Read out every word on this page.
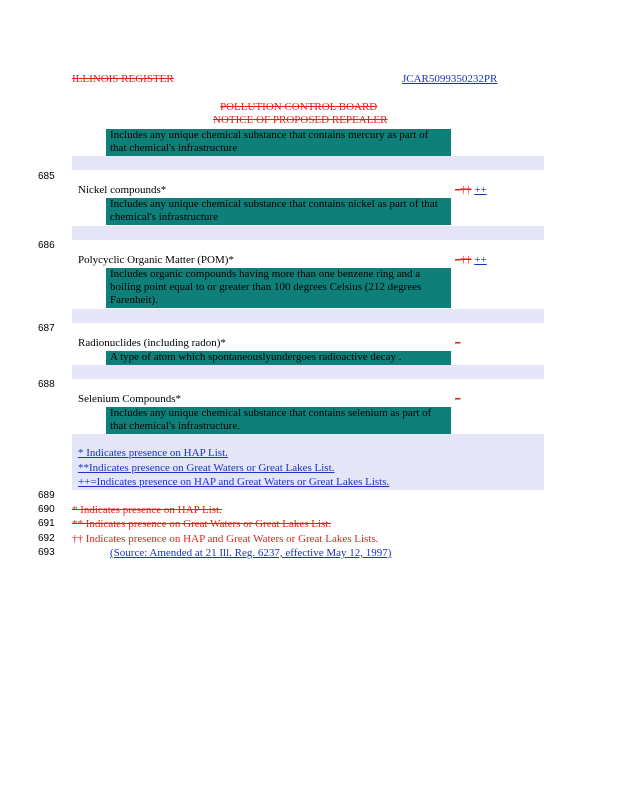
ILLINOIS REGISTER	JCAR5099350232PR
POLLUTION CONTROL BOARD
NOTICE OF PROPOSED REPEALER
Includes any unique chemical substance that contains mercury as part of that chemical's infrastructure
685
Nickel compounds*	–†† ++
Includes any unique chemical substance that contains nickel as part of that chemical's infrastructure
686
Polycyclic Organic Matter (POM)*	–†† ++
Includes organic compounds having more than one benzene ring and a boiling point equal to or greater than 100 degrees Celsius (212 degrees Farenheit).
687
Radionuclides (including radon)*	–
A type of atom which spontaneouslyundergoes radioactive decay .
688
Selenium Compounds*	–
Includes any unique chemical substance that contains selenium as part of that chemical's infrastructure.
* Indicates presence on HAP List.
**Indicates presence on Great Waters or Great Lakes List.
++=Indicates presence on HAP and Great Waters or Great Lakes Lists.
689
690 * Indicates presence on HAP List.
691 ** Indicates presence on Great Waters or Great Lakes List.
692 †† Indicates presence on HAP and Great Waters or Great Lakes Lists.
693	(Source: Amended at 21 Ill. Reg. 6237, effective May 12, 1997)
